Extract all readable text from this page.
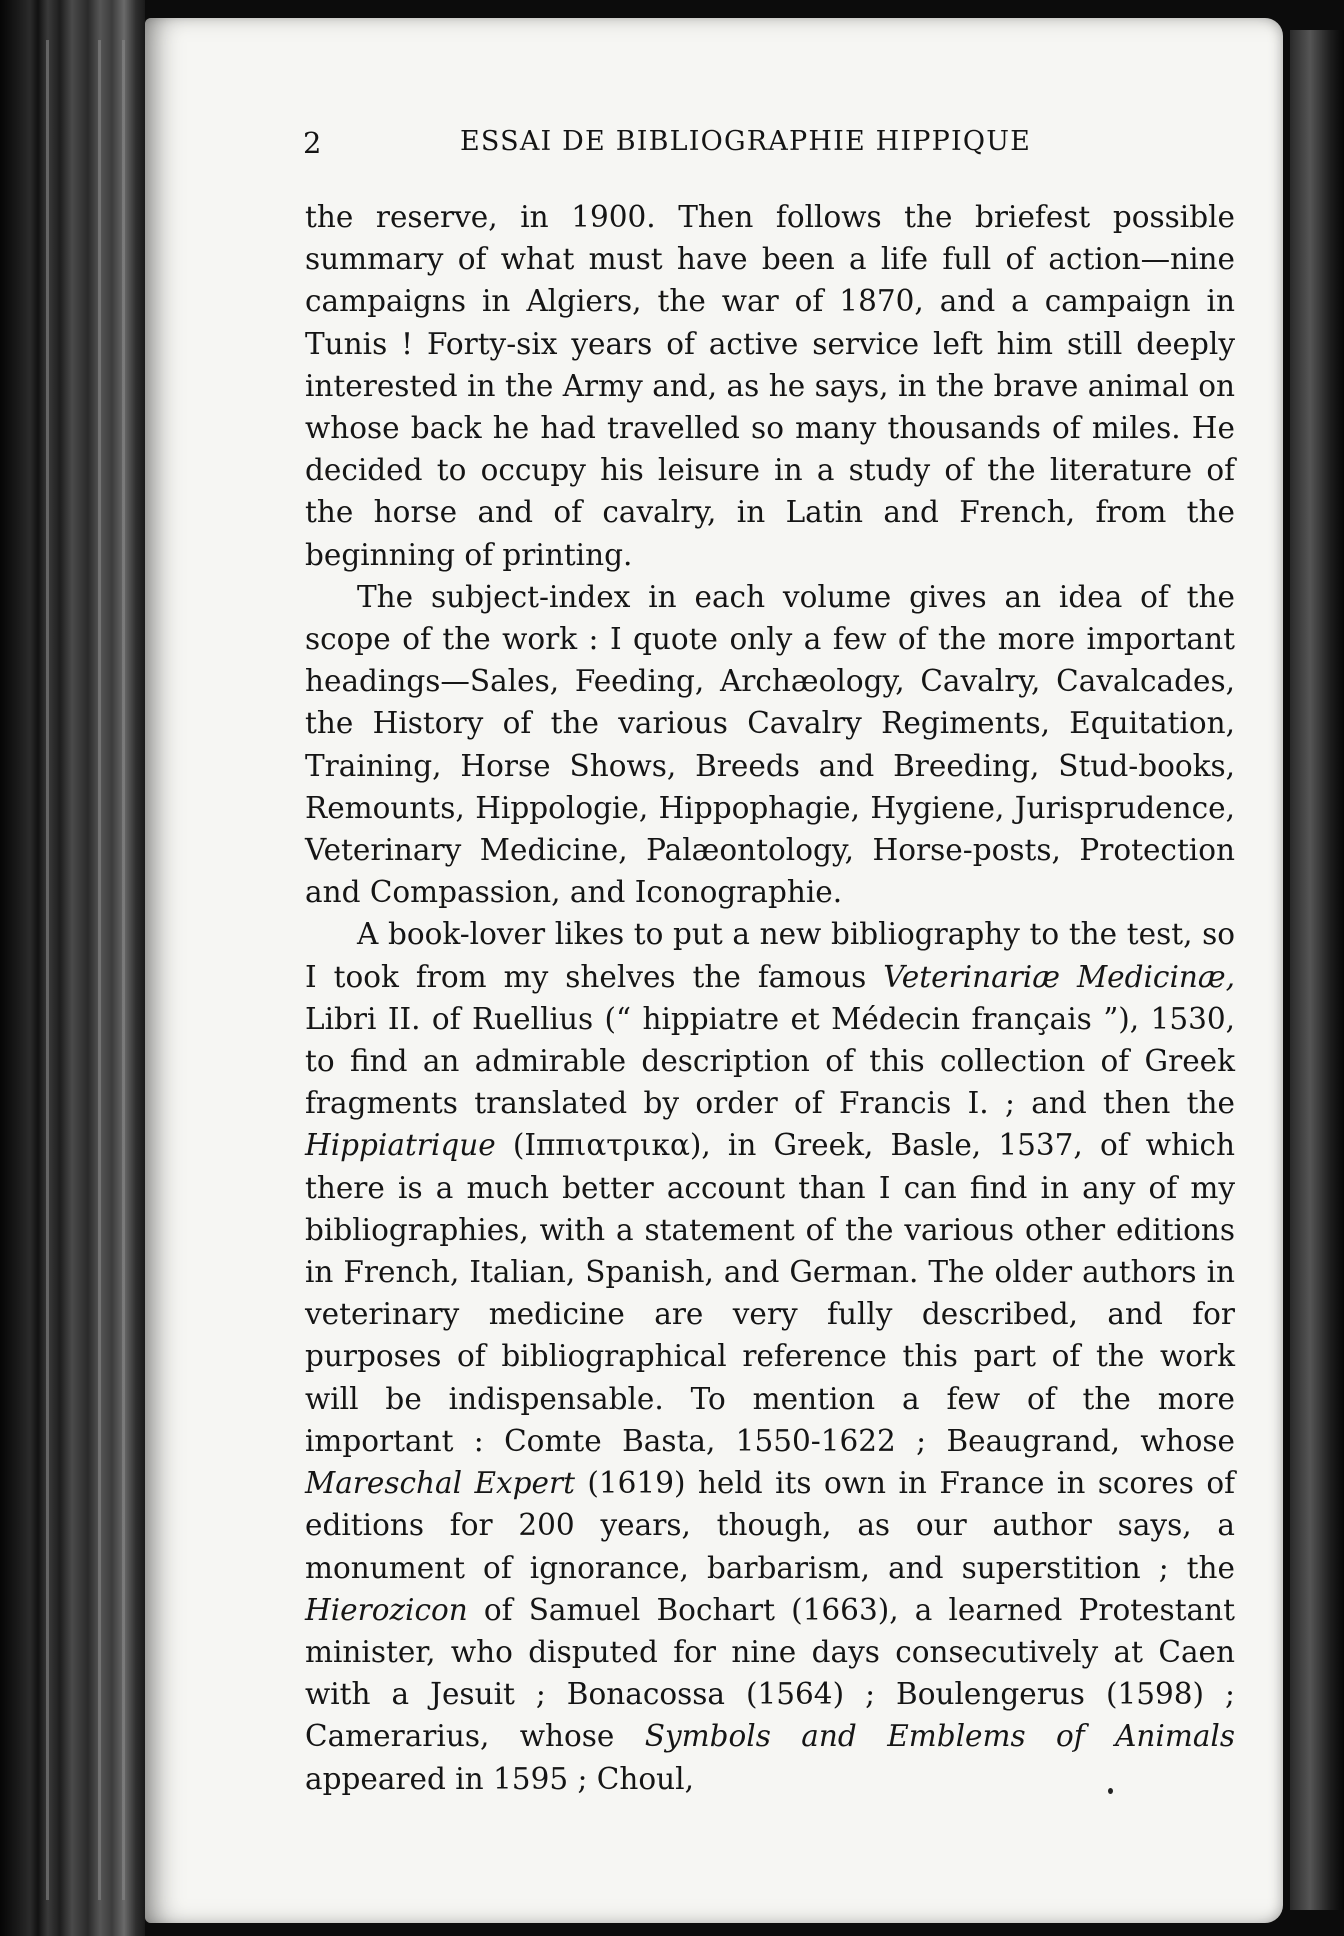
2	ESSAI DE BIBLIOGRAPHIE HIPPIQUE

the reserve, in 1900. Then follows the briefest possible summary of what must have been a life full of action—nine campaigns in Algiers, the war of 1870, and a campaign in Tunis ! Forty-six years of active service left him still deeply interested in the Army and, as he says, in the brave animal on whose back he had travelled so many thousands of miles. He decided to occupy his leisure in a study of the literature of the horse and of cavalry, in Latin and French, from the beginning of printing.

The subject-index in each volume gives an idea of the scope of the work : I quote only a few of the more important headings—Sales, Feeding, Archæology, Cavalry, Cavalcades, the History of the various Cavalry Regiments, Equitation, Training, Horse Shows, Breeds and Breeding, Stud-books, Remounts, Hippologie, Hippophagie, Hygiene, Jurisprudence, Veterinary Medicine, Palæontology, Horse-posts, Protection and Compassion, and Iconographie.

A book-lover likes to put a new bibliography to the test, so I took from my shelves the famous Veterinariæ Medicinæ, Libri II. of Ruellius (“ hippiatre et Médecin français ”), 1530, to find an admirable description of this collection of Greek fragments translated by order of Francis I. ; and then the Hippiatrique (Ιππιατρικα), in Greek, Basle, 1537, of which there is a much better account than I can find in any of my bibliographies, with a statement of the various other editions in French, Italian, Spanish, and German. The older authors in veterinary medicine are very fully described, and for purposes of bibliographical reference this part of the work will be indispensable. To mention a few of the more important : Comte Basta, 1550-1622 ; Beaugrand, whose Mareschal Expert (1619) held its own in France in scores of editions for 200 years, though, as our author says, a monument of ignorance, barbarism, and superstition ; the Hierozicon of Samuel Bochart (1663), a learned Protestant minister, who disputed for nine days consecutively at Caen with a Jesuit ; Bonacossa (1564) ; Boulengerus (1598) ; Camerarius, whose Symbols and Emblems of Animals appeared in 1595 ; Choul,
